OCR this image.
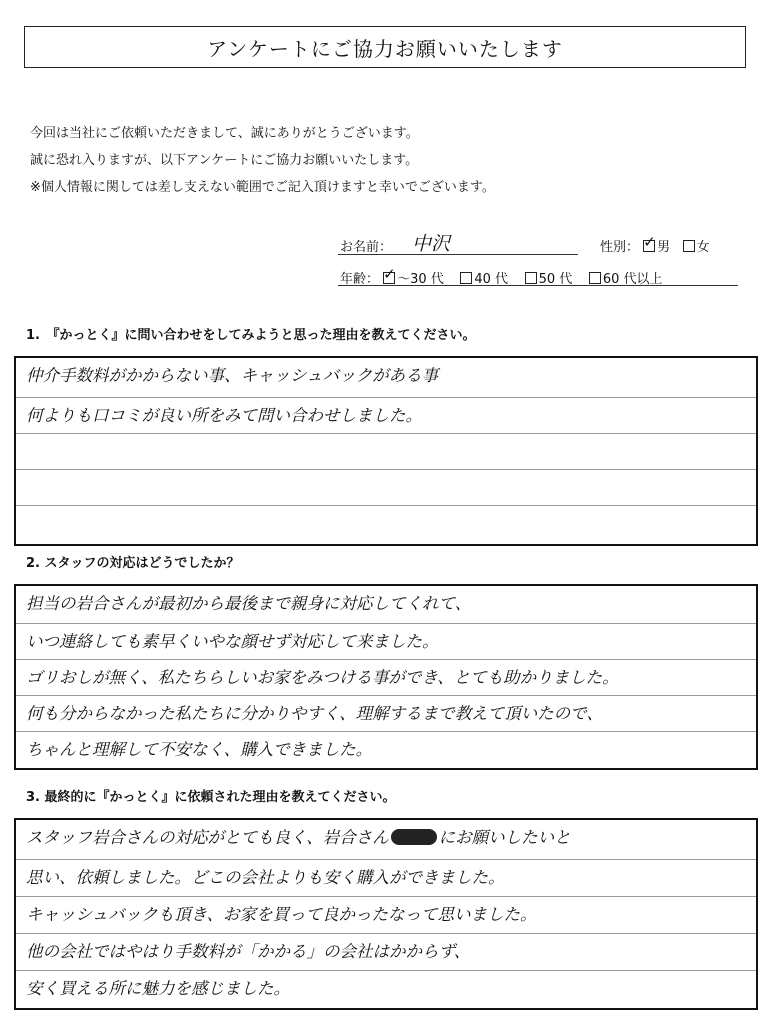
アンケートにご協力お願いいたします
今回は当社にご依頼いただきまして、誠にありがとうございます。
誠に恐れ入りますが、以下アンケートにご協力お願いいたします。
※個人情報に関しては差し支えない範囲でご記入頂けますと幸いでございます。
お名前： 中沢	性別： ✓ 男 女
年齢： ✓ ～30 代 40 代 50 代 60 代以上
1.　『かっとく』に問い合わせをしてみようと思った理由を教えてください。
仲介手数料がかからない事、キャッシュバックがある事
何よりも口コミが良い所をみて問い合わせしました。
2. スタッフの対応はどうでしたか？
担当の岩合さんが最初から最後まで親身に対応してくれて、
いつ連絡しても素早くいやな顔せず対応して来ました。
ゴリおしが無く、私たちらしいお家をみつける事ができ、とても助かりました。
何も分からなかった私たちに分かりやすく、理解するまで教えて頂いたので、
ちゃんと理解して不安なく、購入できました。
3. 最終的に『かっとく』に依頼された理由を教えてください。
スタッフ岩合さんの対応がとても良く、岩合さん	にお願いしたいと
思い、依頼しました。どこの会社よりも安く購入ができました。
キャッシュバックも頂き、お家を買って良かったなって思いました。
他の会社ではやはり手数料が「かかる」の会社はかからず、
安く買える所に魅力を感じました。
